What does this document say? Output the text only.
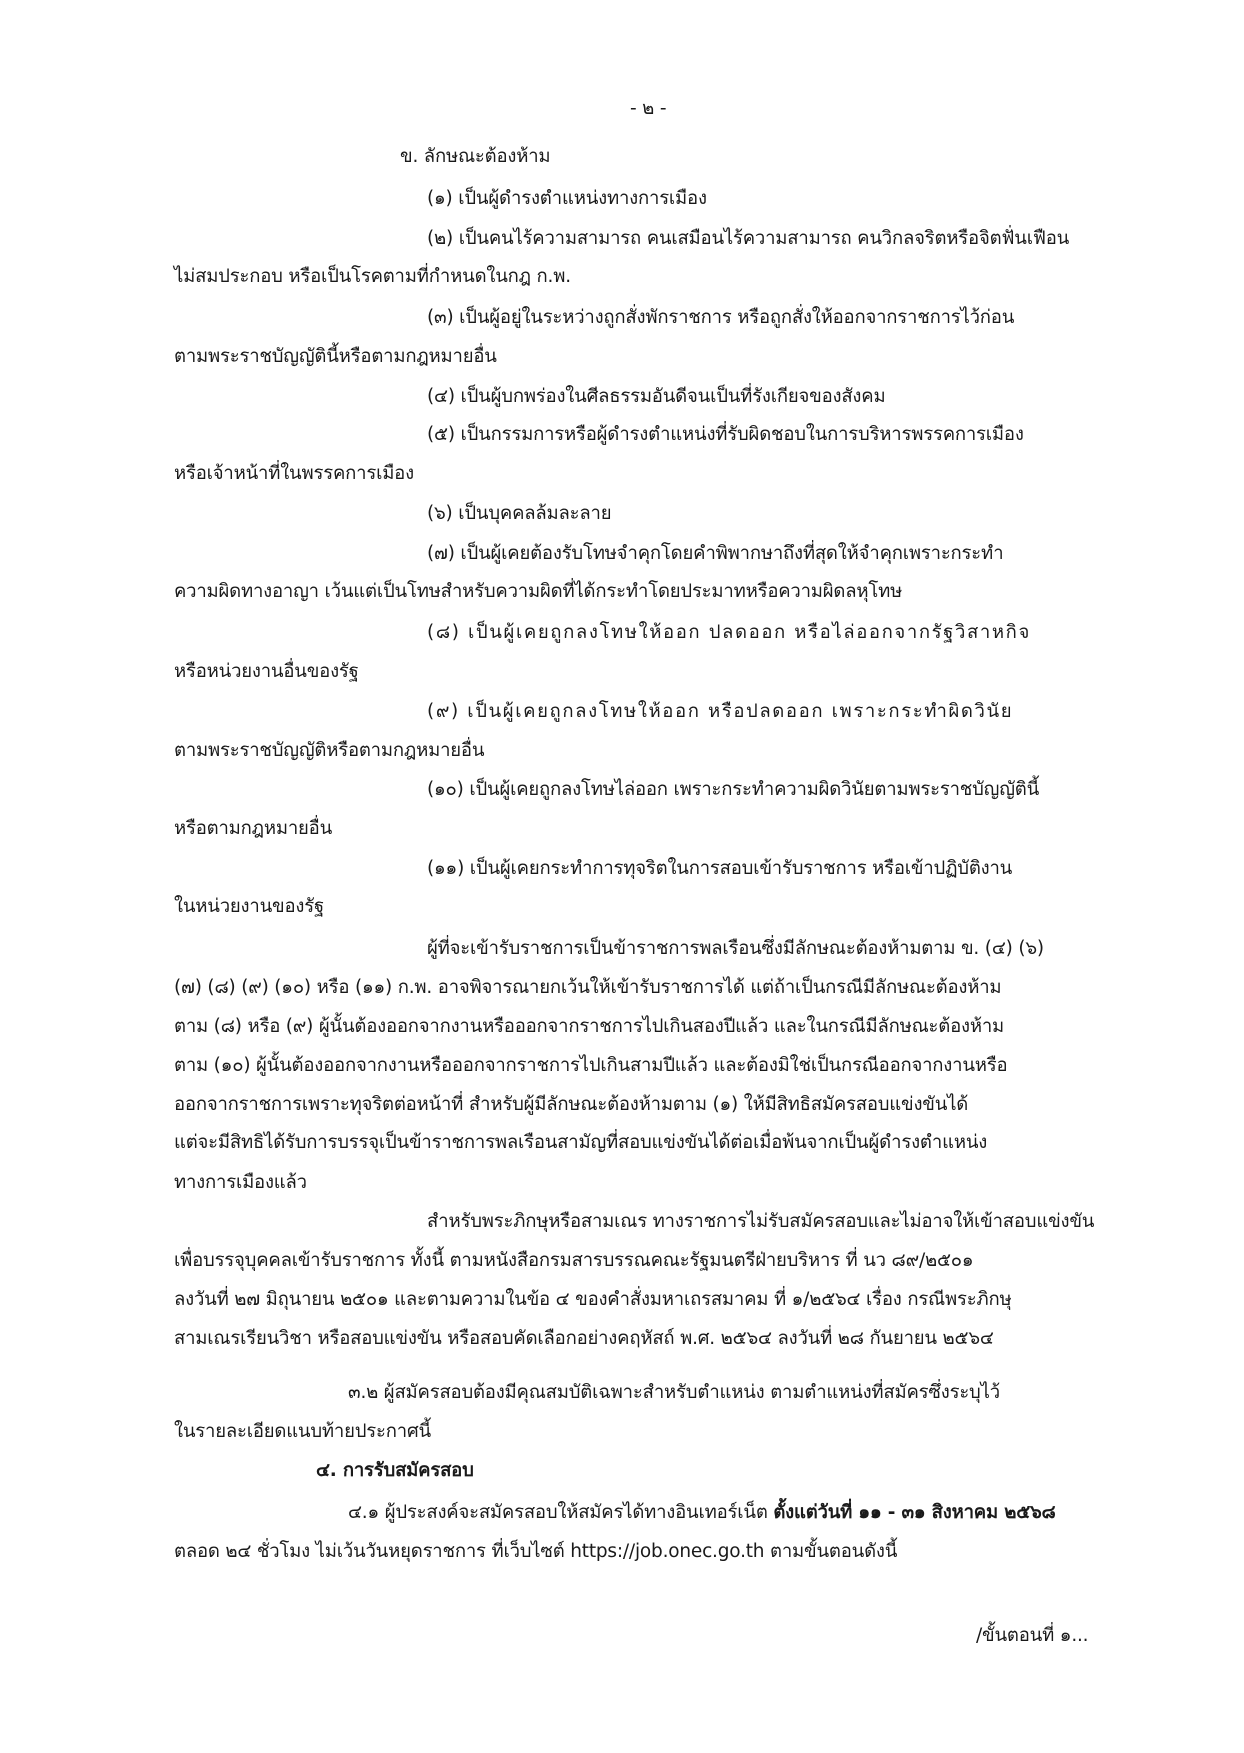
- ๒ -
ข. ลักษณะต้องห้าม
(๑) เป็นผู้ดำรงตำแหน่งทางการเมือง
(๒) เป็นคนไร้ความสามารถ คนเสมือนไร้ความสามารถ คนวิกลจริตหรือจิตฟั่นเฟือน
ไม่สมประกอบ หรือเป็นโรคตามที่กำหนดในกฎ ก.พ.
(๓) เป็นผู้อยู่ในระหว่างถูกสั่งพักราชการ หรือถูกสั่งให้ออกจากราชการไว้ก่อน
ตามพระราชบัญญัตินี้หรือตามกฎหมายอื่น
(๔) เป็นผู้บกพร่องในศีลธรรมอันดีจนเป็นที่รังเกียจของสังคม
(๕) เป็นกรรมการหรือผู้ดำรงตำแหน่งที่รับผิดชอบในการบริหารพรรคการเมือง
หรือเจ้าหน้าที่ในพรรคการเมือง
(๖) เป็นบุคคลล้มละลาย
(๗) เป็นผู้เคยต้องรับโทษจำคุกโดยคำพิพากษาถึงที่สุดให้จำคุกเพราะกระทำ
ความผิดทางอาญา เว้นแต่เป็นโทษสำหรับความผิดที่ได้กระทำโดยประมาทหรือความผิดลหุโทษ
(๘) เป็นผู้เคยถูกลงโทษให้ออก ปลดออก หรือไล่ออกจากรัฐวิสาหกิจ
หรือหน่วยงานอื่นของรัฐ
(๙) เป็นผู้เคยถูกลงโทษให้ออก หรือปลดออก เพราะกระทำผิดวินัย
ตามพระราชบัญญัติหรือตามกฎหมายอื่น
(๑๐) เป็นผู้เคยถูกลงโทษไล่ออก เพราะกระทำความผิดวินัยตามพระราชบัญญัตินี้
หรือตามกฎหมายอื่น
(๑๑) เป็นผู้เคยกระทำการทุจริตในการสอบเข้ารับราชการ หรือเข้าปฏิบัติงาน
ในหน่วยงานของรัฐ
ผู้ที่จะเข้ารับราชการเป็นข้าราชการพลเรือนซึ่งมีลักษณะต้องห้ามตาม ข. (๔) (๖)
(๗) (๘) (๙) (๑๐) หรือ (๑๑) ก.พ. อาจพิจารณายกเว้นให้เข้ารับราชการได้ แต่ถ้าเป็นกรณีมีลักษณะต้องห้าม
ตาม (๘) หรือ (๙) ผู้นั้นต้องออกจากงานหรือออกจากราชการไปเกินสองปีแล้ว และในกรณีมีลักษณะต้องห้าม
ตาม (๑๐) ผู้นั้นต้องออกจากงานหรือออกจากราชการไปเกินสามปีแล้ว และต้องมิใช่เป็นกรณีออกจากงานหรือ
ออกจากราชการเพราะทุจริตต่อหน้าที่ สำหรับผู้มีลักษณะต้องห้ามตาม (๑) ให้มีสิทธิสมัครสอบแข่งขันได้
แต่จะมีสิทธิได้รับการบรรจุเป็นข้าราชการพลเรือนสามัญที่สอบแข่งขันได้ต่อเมื่อพ้นจากเป็นผู้ดำรงตำแหน่ง
ทางการเมืองแล้ว
สำหรับพระภิกษุหรือสามเณร ทางราชการไม่รับสมัครสอบและไม่อาจให้เข้าสอบแข่งขัน
เพื่อบรรจุบุคคลเข้ารับราชการ ทั้งนี้ ตามหนังสือกรมสารบรรณคณะรัฐมนตรีฝ่ายบริหาร ที่ นว ๘๙/๒๕๐๑
ลงวันที่ ๒๗ มิถุนายน ๒๕๐๑ และตามความในข้อ ๔ ของคำสั่งมหาเถรสมาคม ที่ ๑/๒๕๖๔ เรื่อง กรณีพระภิกษุ
สามเณรเรียนวิชา หรือสอบแข่งขัน หรือสอบคัดเลือกอย่างคฤหัสถ์ พ.ศ. ๒๕๖๔ ลงวันที่ ๒๘ กันยายน ๒๕๖๔
๓.๒ ผู้สมัครสอบต้องมีคุณสมบัติเฉพาะสำหรับตำแหน่ง ตามตำแหน่งที่สมัครซึ่งระบุไว้
ในรายละเอียดแนบท้ายประกาศนี้
๔. การรับสมัครสอบ
๔.๑ ผู้ประสงค์จะสมัครสอบให้สมัครได้ทางอินเทอร์เน็ต ตั้งแต่วันที่ ๑๑ - ๓๑ สิงหาคม ๒๕๖๘
ตลอด ๒๔ ชั่วโมง ไม่เว้นวันหยุดราชการ ที่เว็บไซต์ https://job.onec.go.th ตามขั้นตอนดังนี้
/ขั้นตอนที่ ๑...
